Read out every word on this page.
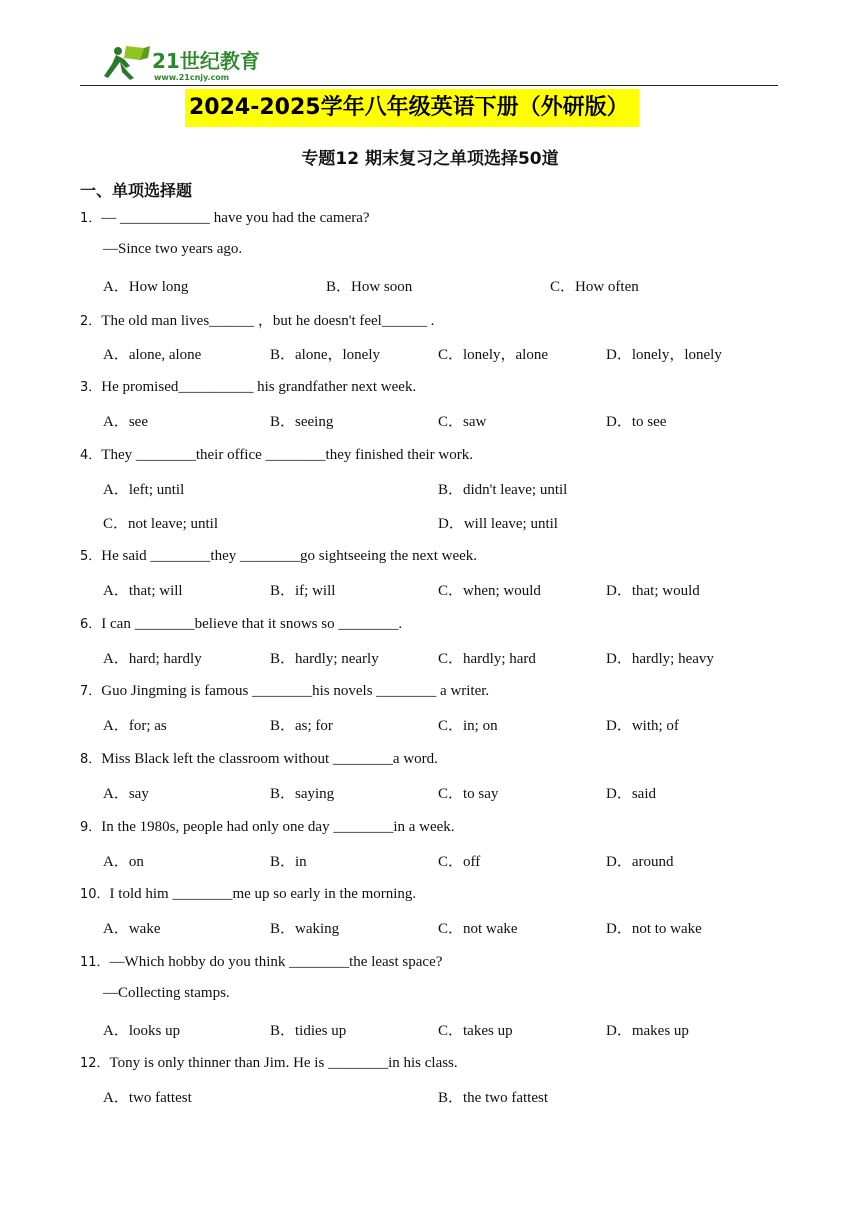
21世纪教育
www.21cnjy.com
2024-2025学年八年级英语下册（外研版）
专题12 期末复习之单项选择50道
一、单项选择题
1．— ____________ have you had the camera?
—Since two years ago.
A．How long	B．How soon	C．How often
2．The old man lives______ ，but he doesn't feel______ .
A．alone, alone	B．alone，lonely	C．lonely，alone	D．lonely，lonely
3．He promised__________ his grandfather next week.
A．see	B．seeing	C．saw	D．to see
4．They ________their office ________they finished their work.
A．left; until	B．didn't leave; until
C．not leave; until	D．will leave; until
5．He said ________they ________go sightseeing the next week.
A．that; will	B．if; will	C．when; would	D．that; would
6．I can ________believe that it snows so ________.
A．hard; hardly	B．hardly; nearly	C．hardly; hard	D．hardly; heavy
7．Guo Jingming is famous ________his novels ________ a writer.
A．for; as	B．as; for	C．in; on	D．with; of
8．Miss Black left the classroom without ________a word.
A．say	B．saying	C．to say	D．said
9．In the 1980s, people had only one day ________in a week.
A．on	B．in	C．off	D．around
10．I told him ________me up so early in the morning.
A．wake	B．waking	C．not wake	D．not to wake
11．—Which hobby do you think ________the least space?
—Collecting stamps.
A．looks up	B．tidies up	C．takes up	D．makes up
12．Tony is only thinner than Jim. He is ________in his class.
A．two fattest	B．the two fattest
